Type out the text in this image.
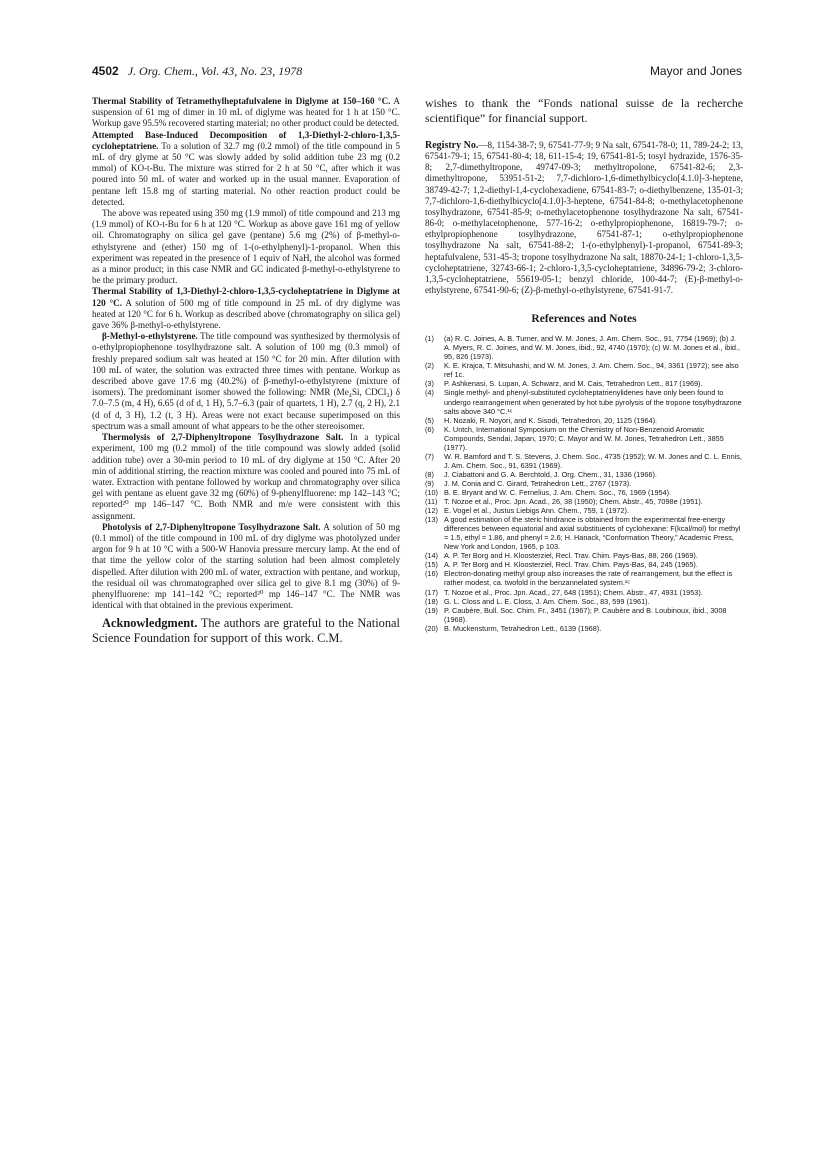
4502 J. Org. Chem., Vol. 43, No. 23, 1978	Mayor and Jones

Thermal Stability of Tetramethylheptafulvalene in Diglyme at 150–160 °C. A suspension of 61 mg of dimer in 10 mL of diglyme was heated for 1 h at 150 °C. Workup gave 95.5% recovered starting material; no other product could be detected.

Attempted Base-Induced Decomposition of 1,3-Diethyl-2-chloro-1,3,5-cycloheptatriene. To a solution of 32.7 mg (0.2 mmol) of the title compound in 5 mL of dry glyme at 50 °C was slowly added by solid addition tube 23 mg (0.2 mmol) of KO-t-Bu. The mixture was stirred for 2 h at 50 °C, after which it was poured into 50 mL of water and worked up in the usual manner. Evaporation of pentane left 15.8 mg of starting material. No other reaction product could be detected.

The above was repeated using 350 mg (1.9 mmol) of title compound and 213 mg (1.9 mmol) of KO-t-Bu for 6 h at 120 °C. Workup as above gave 161 mg of yellow oil. Chromatography on silica gel gave (pentane) 5.6 mg (2%) of β-methyl-o-ethylstyrene and (ether) 150 mg of 1-(o-ethylphenyl)-1-propanol. When this experiment was repeated in the presence of 1 equiv of NaH, the alcohol was formed as a minor product; in this case NMR and GC indicated β-methyl-o-ethylstyrene to be the primary product.

Thermal Stability of 1,3-Diethyl-2-chloro-1,3,5-cycloheptatriene in Diglyme at 120 °C. A solution of 500 mg of title compound in 25 mL of dry diglyme was heated at 120 °C for 6 h. Workup as described above (chromatography on silica gel) gave 36% β-methyl-o-ethylstyrene.

β-Methyl-o-ethylstyrene. The title compound was synthesized by thermolysis of o-ethylpropiophenone tosylhydrazone salt. A solution of 100 mg (0.3 mmol) of freshly prepared sodium salt was heated at 150 °C for 20 min. After dilution with 100 mL of water, the solution was extracted three times with pentane. Workup as described above gave 17.6 mg (40.2%) of β-methyl-o-ethylstyrene (mixture of isomers). The predominant isomer showed the following: NMR (Me₄Si, CDCl₃) δ 7.0–7.5 (m, 4 H), 6.65 (d of d, 1 H), 5.7–6.3 (pair of quartets, 1 H), 2.7 (q, 2 H), 2.1 (d of d, 3 H), 1.2 (t, 3 H). Areas were not exact because superimposed on this spectrum was a small amount of what appears to be the other stereoisomer.

Thermolysis of 2,7-Diphenyltropone Tosylhydrazone Salt. In a typical experiment, 100 mg (0.2 mmol) of the title compound was slowly added (solid addition tube) over a 30-min period to 10 mL of dry diglyme at 150 °C. After 20 min of additional stirring, the reaction mixture was cooled and poured into 75 mL of water. Extraction with pentane followed by workup and chromatography over silica gel with pentane as eluent gave 32 mg (60%) of 9-phenylfluorene: mp 142–143 °C; reported²⁰ mp 146–147 °C. Both NMR and m/e were consistent with this assignment.

Photolysis of 2,7-Diphenyltropone Tosylhydrazone Salt. A solution of 50 mg (0.1 mmol) of the title compound in 100 mL of dry diglyme was photolyzed under argon for 9 h at 10 °C with a 500-W Hanovia pressure mercury lamp. At the end of that time the yellow color of the starting solution had been almost completely dispelled. After dilution with 200 mL of water, extraction with pentane, and workup, the residual oil was chromatographed over silica gel to give 8.1 mg (30%) of 9-phenylfluorene: mp 141–142 °C; reported²⁰ mp 146–147 °C. The NMR was identical with that obtained in the previous experiment.

Acknowledgment. The authors are grateful to the National Science Foundation for support of this work. C.M.

wishes to thank the “Fonds national suisse de la recherche scientifique” for financial support.
Registry No.—8, 1154-38-7; 9, 67541-77-9; 9 Na salt, 67541-78-0; 11, 789-24-2; 13, 67541-79-1; 15, 67541-80-4; 18, 611-15-4; 19, 67541-81-5; tosyl hydrazide, 1576-35-8; 2,7-dimethyltropone, 49747-09-3; methyltropolone, 67541-82-6; 2,3-dimethyltropone, 53951-51-2; 7,7-dichloro-1,6-dimethylbicyclo[4.1.0]-3-heptene, 38749-42-7; 1,2-diethyl-1,4-cyclohexadiene, 67541-83-7; o-diethylbenzene, 135-01-3; 7,7-dichloro-1,6-diethylbicyclo[4.1.0]-3-heptene, 67541-84-8; o-methylacetophenone tosylhydrazone, 67541-85-9; o-methylacetophenone tosylhydrazone Na salt, 67541-86-0; o-methylacetophenone, 577-16-2; o-ethylpropiophenone, 16819-79-7; o-ethylpropiophenone tosylhydrazone, 67541-87-1; o-ethylpropiophenone tosylhydrazone Na salt, 67541-88-2; 1-(o-ethylphenyl)-1-propanol, 67541-89-3; heptafulvalene, 531-45-3; tropone tosylhydrazone Na salt, 18870-24-1; 1-chloro-1,3,5-cycloheptatriene, 32743-66-1; 2-chloro-1,3,5-cycloheptatriene, 34896-79-2; 3-chloro-1,3,5-cycloheptatriene, 55619-05-1; benzyl chloride, 100-44-7; (E)-β-methyl-o-ethylstyrene, 67541-90-6; (Z)-β-methyl-o-ethylstyrene, 67541-91-7.
References and Notes
(1) (a) R. C. Joines, A. B. Turner, and W. M. Jones, J. Am. Chem. Soc., 91, 7754 (1969); (b) J. A. Myers, R. C. Joines, and W. M. Jones, ibid., 92, 4740 (1970); (c) W. M. Jones et al., ibid., 95, 826 (1973).
(2) K. E. Krajca, T. Mitsuhashi, and W. M. Jones, J. Am. Chem. Soc., 94, 3361 (1972); see also ref 1c.
(3) P. Ashkenasi, S. Lupan, A. Schwarz, and M. Cais, Tetrahedron Lett., 817 (1969).
(4) Single methyl- and phenyl-substituted cycloheptatrienylidenes have only been found to undergo rearrangement when generated by hot tube pyrolysis of the tropone tosylhydrazone salts above 340 °C.¹ᶜ
(5) H. Nozaki, R. Noyori, and K. Sisodi, Tetrahedron, 20, 1125 (1964).
(6) K. Untch, International Symposium on the Chemistry of Non-Benzenoid Aromatic Compounds, Sendai, Japan, 1970; C. Mayor and W. M. Jones, Tetrahedron Lett., 3855 (1977).
(7) W. R. Bamford and T. S. Stevens, J. Chem. Soc., 4735 (1952); W. M. Jones and C. L. Ennis, J. Am. Chem. Soc., 91, 6391 (1969).
(8) J. Ciabattoni and G. A. Berchtold, J. Org. Chem., 31, 1336 (1966).
(9) J. M. Conia and C. Girard, Tetrahedron Lett., 2767 (1973).
(10) B. E. Bryant and W. C. Fernelius, J. Am. Chem. Soc., 76, 1969 (1954).
(11) T. Nozoe et al., Proc. Jpn. Acad., 26, 38 (1950); Chem. Abstr., 45, 7098e (1951).
(12) E. Vogel et al., Justus Liebigs Ann. Chem., 759, 1 (1972).
(13) A good estimation of the steric hindrance is obtained from the experimental free-energy differences between equatorial and axial substituents of cyclohexane: F(kcal/mol) for methyl = 1.5, ethyl = 1.86, and phenyl = 2.6; H. Hanack, “Conformation Theory,” Academic Press, New York and London, 1965, p 103.
(14) A. P. Ter Borg and H. Kloosterziel, Recl. Trav. Chim. Pays-Bas, 88, 266 (1969).
(15) A. P. Ter Borg and H. Kloosterziel, Recl. Trav. Chim. Pays-Bas, 84, 245 (1965).
(16) Electron-donating methyl group also increases the rate of rearrangement, but the effect is rather modest, ca. twofold in the benzannelated system.¹ᶜ
(17) T. Nozoe et al., Proc. Jpn. Acad., 27, 648 (1951); Chem. Abstr., 47, 4931 (1953).
(18) G. L. Closs and L. E. Closs, J. Am. Chem. Soc., 83, 599 (1961).
(19) P. Caubère, Bull. Soc. Chim. Fr., 3451 (1967); P. Caubère and B. Loubinoux, ibid., 3008 (1968).
(20) B. Muckensturm, Tetrahedron Lett., 6139 (1968).
